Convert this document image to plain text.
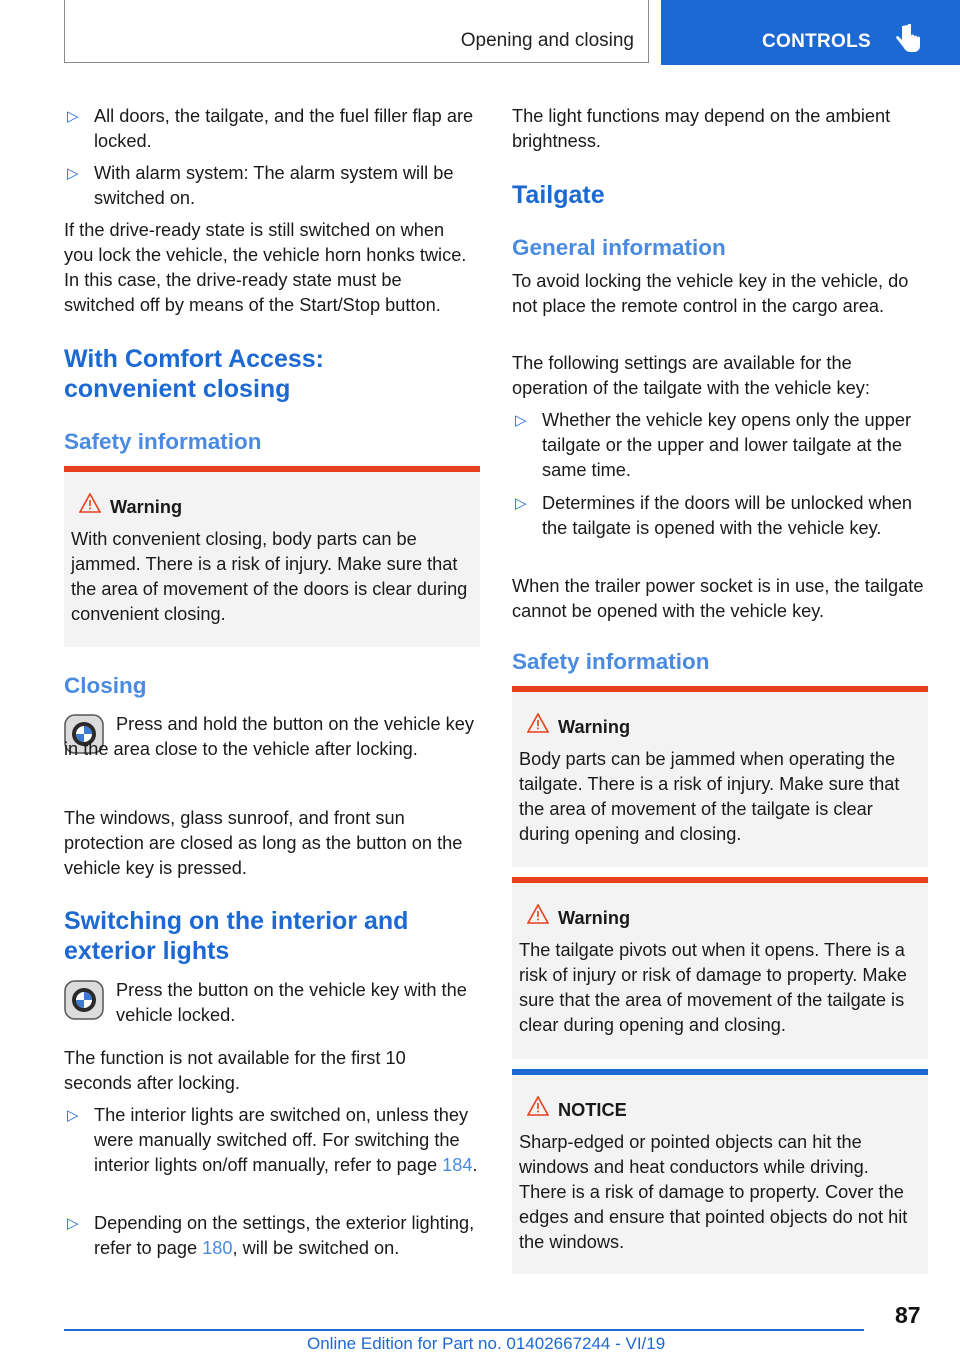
Opening and closing	CONTROLS
▷ All doors, the tailgate, and the fuel filler flap are locked.
▷ With alarm system: The alarm system will be switched on.

If the drive-ready state is still switched on when you lock the vehicle, the vehicle horn honks twice. In this case, the drive-ready state must be switched off by means of the Start/Stop button.

With Comfort Access: convenient closing
Safety information
Warning
With convenient closing, body parts can be jammed. There is a risk of injury. Make sure that the area of movement of the doors is clear during convenient closing.
Closing
Press and hold the button on the vehicle key in the area close to the vehicle after locking.

The windows, glass sunroof, and front sun protection are closed as long as the button on the vehicle key is pressed.

Switching on the interior and exterior lights
Press the button on the vehicle key with the vehicle locked.

The function is not available for the first 10 seconds after locking.

▷ The interior lights are switched on, unless they were manually switched off. For switching the interior lights on/off manually, refer to page 184.
▷ Depending on the settings, the exterior lighting, refer to page 180, will be switched on.

The light functions may depend on the ambient brightness.

Tailgate
General information

To avoid locking the vehicle key in the vehicle, do not place the remote control in the cargo area.

The following settings are available for the operation of the tailgate with the vehicle key:

▷ Whether the vehicle key opens only the upper tailgate or the upper and lower tailgate at the same time.
▷ Determines if the doors will be unlocked when the tailgate is opened with the vehicle key.

When the trailer power socket is in use, the tailgate cannot be opened with the vehicle key.

Safety information
Warning
Body parts can be jammed when operating the tailgate. There is a risk of injury. Make sure that the area of movement of the tailgate is clear during opening and closing.
Warning
The tailgate pivots out when it opens. There is a risk of injury or risk of damage to property. Make sure that the area of movement of the tailgate is clear during opening and closing.
NOTICE
Sharp-edged or pointed objects can hit the windows and heat conductors while driving. There is a risk of damage to property. Cover the edges and ensure that pointed objects do not hit the windows.
87
Online Edition for Part no. 01402667244 - VI/19
